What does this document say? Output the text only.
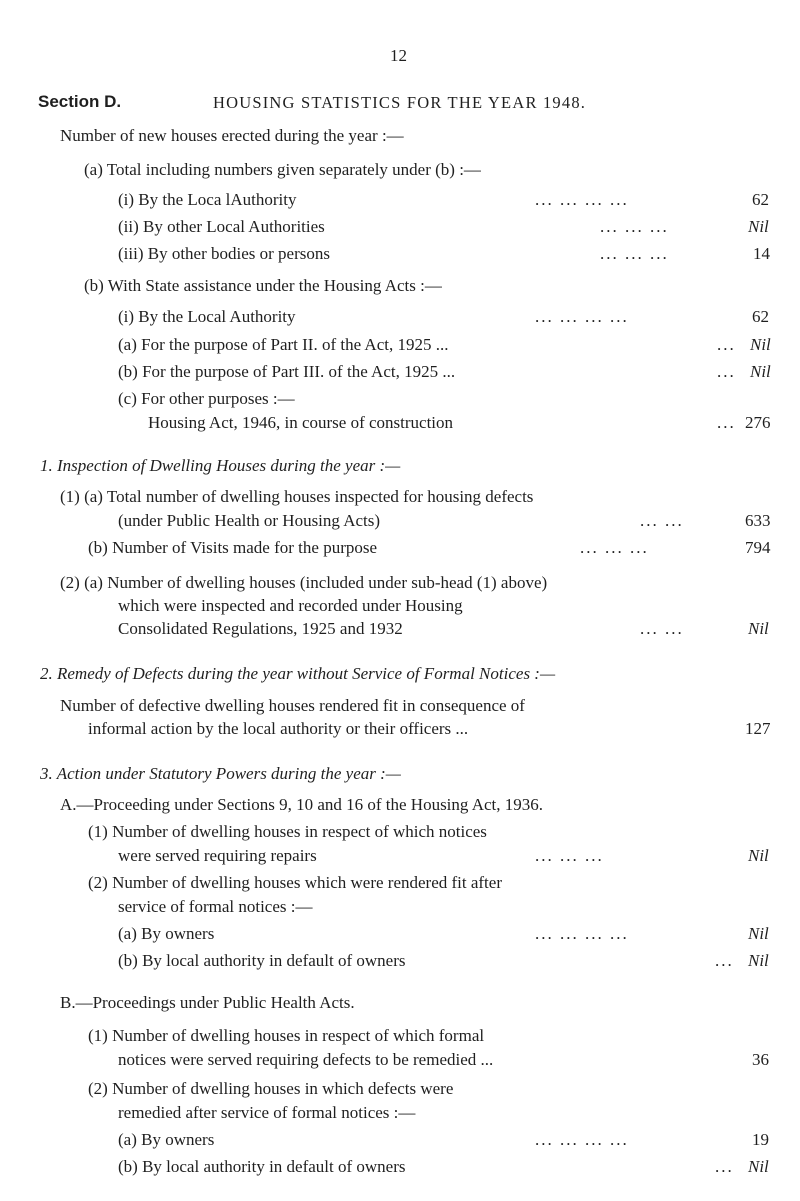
12
Section D.	HOUSING STATISTICS FOR THE YEAR 1948.
Number of new houses erected during the year :—
(a) Total including numbers given separately under (b) :—
(i) By the Loca lAuthority	... ... ... ...	62
(ii) By other Local Authorities	... ... ...	Nil
(iii) By other bodies or persons	... ... ...	14
(b) With State assistance under the Housing Acts :—
(i) By the Local Authority	... ... ... ...	62
(a) For the purpose of Part II. of the Act, 1925 ...	... Nil
(b) For the purpose of Part III. of the Act, 1925 ...	... Nil
(c) For other purposes :—
Housing Act, 1946, in course of construction	... 276
1. Inspection of Dwelling Houses during the year :—
(1) (a) Total number of dwelling houses inspected for housing defects
(under Public Health or Housing Acts)	... ...	633
(b) Number of Visits made for the purpose	... ... ...	794
(2) (a) Number of dwelling houses (included under sub-head (1) above)
which were inspected and recorded under Housing
Consolidated Regulations, 1925 and 1932	... ...	Nil
2. Remedy of Defects during the year without Service of Formal Notices :—
Number of defective dwelling houses rendered fit in consequence of
informal action by the local authority or their officers ...	127
3. Action under Statutory Powers during the year :—
A.—Proceeding under Sections 9, 10 and 16 of the Housing Act, 1936.
(1) Number of dwelling houses in respect of which notices
were served requiring repairs	... ... ...	Nil
(2) Number of dwelling houses which were rendered fit after
service of formal notices :—
(a) By owners	... ... ... ...	Nil
(b) By local authority in default of owners	... Nil
B.—Proceedings under Public Health Acts.
(1) Number of dwelling houses in respect of which formal
notices were served requiring defects to be remedied ...	36
(2) Number of dwelling houses in which defects were
remedied after service of formal notices :—
(a) By owners	... ... ... ...	19
(b) By local authority in default of owners	... Nil
